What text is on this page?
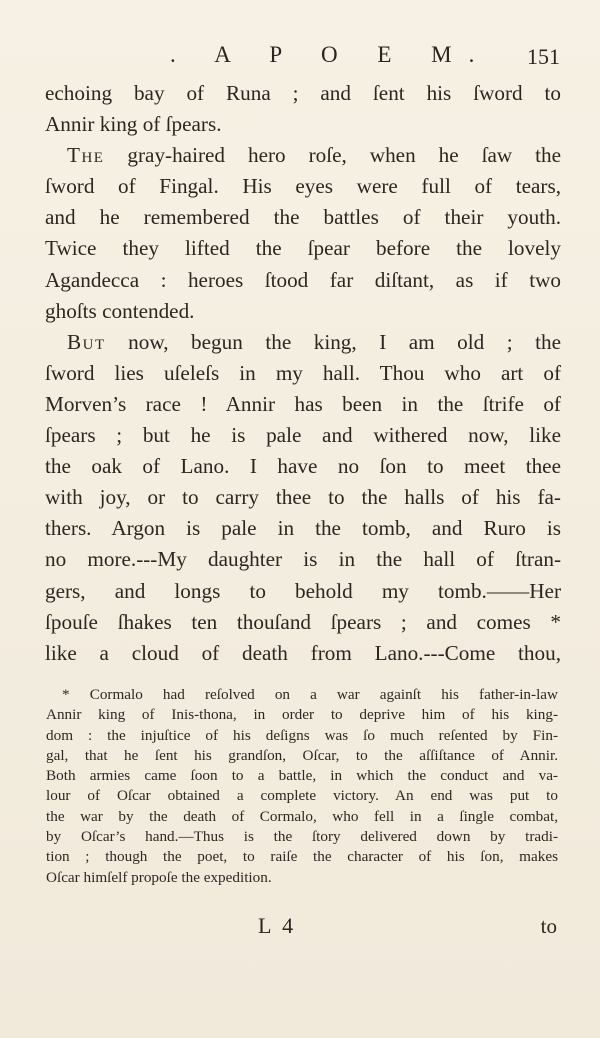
. A P O E M. 151
echoing bay of Runa ; and ſent his ſword to
Annir king of ſpears.
The gray-haired hero roſe, when he ſaw the
ſword of Fingal. His eyes were full of tears,
and he remembered the battles of their youth.
Twice they lifted the ſpear before the lovely
Agandecca : heroes ſtood far diſtant, as if two
ghoſts contended.
But now, begun the king, I am old ; the
ſword lies uſeleſs in my hall. Thou who art of
Morven’s race ! Annir has been in the ſtrife of
ſpears ; but he is pale and withered now, like
the oak of Lano. I have no ſon to meet thee
with joy, or to carry thee to the halls of his fa-
thers. Argon is pale in the tomb, and Ruro is
no more.---My daughter is in the hall of ſtran-
gers, and longs to behold my tomb.——Her
ſpouſe ſhakes ten thouſand ſpears ; and comes *
like a cloud of death from Lano.---Come thou,
* Cormalo had reſolved on a war againſt his father-in-law
Annir king of Inis-thona, in order to deprive him of his king-
dom : the injuſtice of his deſigns was ſo much reſented by Fin-
gal, that he ſent his grandſon, Oſcar, to the aſſiſtance of Annir.
Both armies came ſoon to a battle, in which the conduct and va-
lour of Oſcar obtained a complete victory. An end was put to
the war by the death of Cormalo, who fell in a ſingle combat,
by Oſcar’s hand.—Thus is the ſtory delivered down by tradi-
tion ; though the poet, to raiſe the character of his ſon, makes
Oſcar himſelf propoſe the expedition.
L 4	to
